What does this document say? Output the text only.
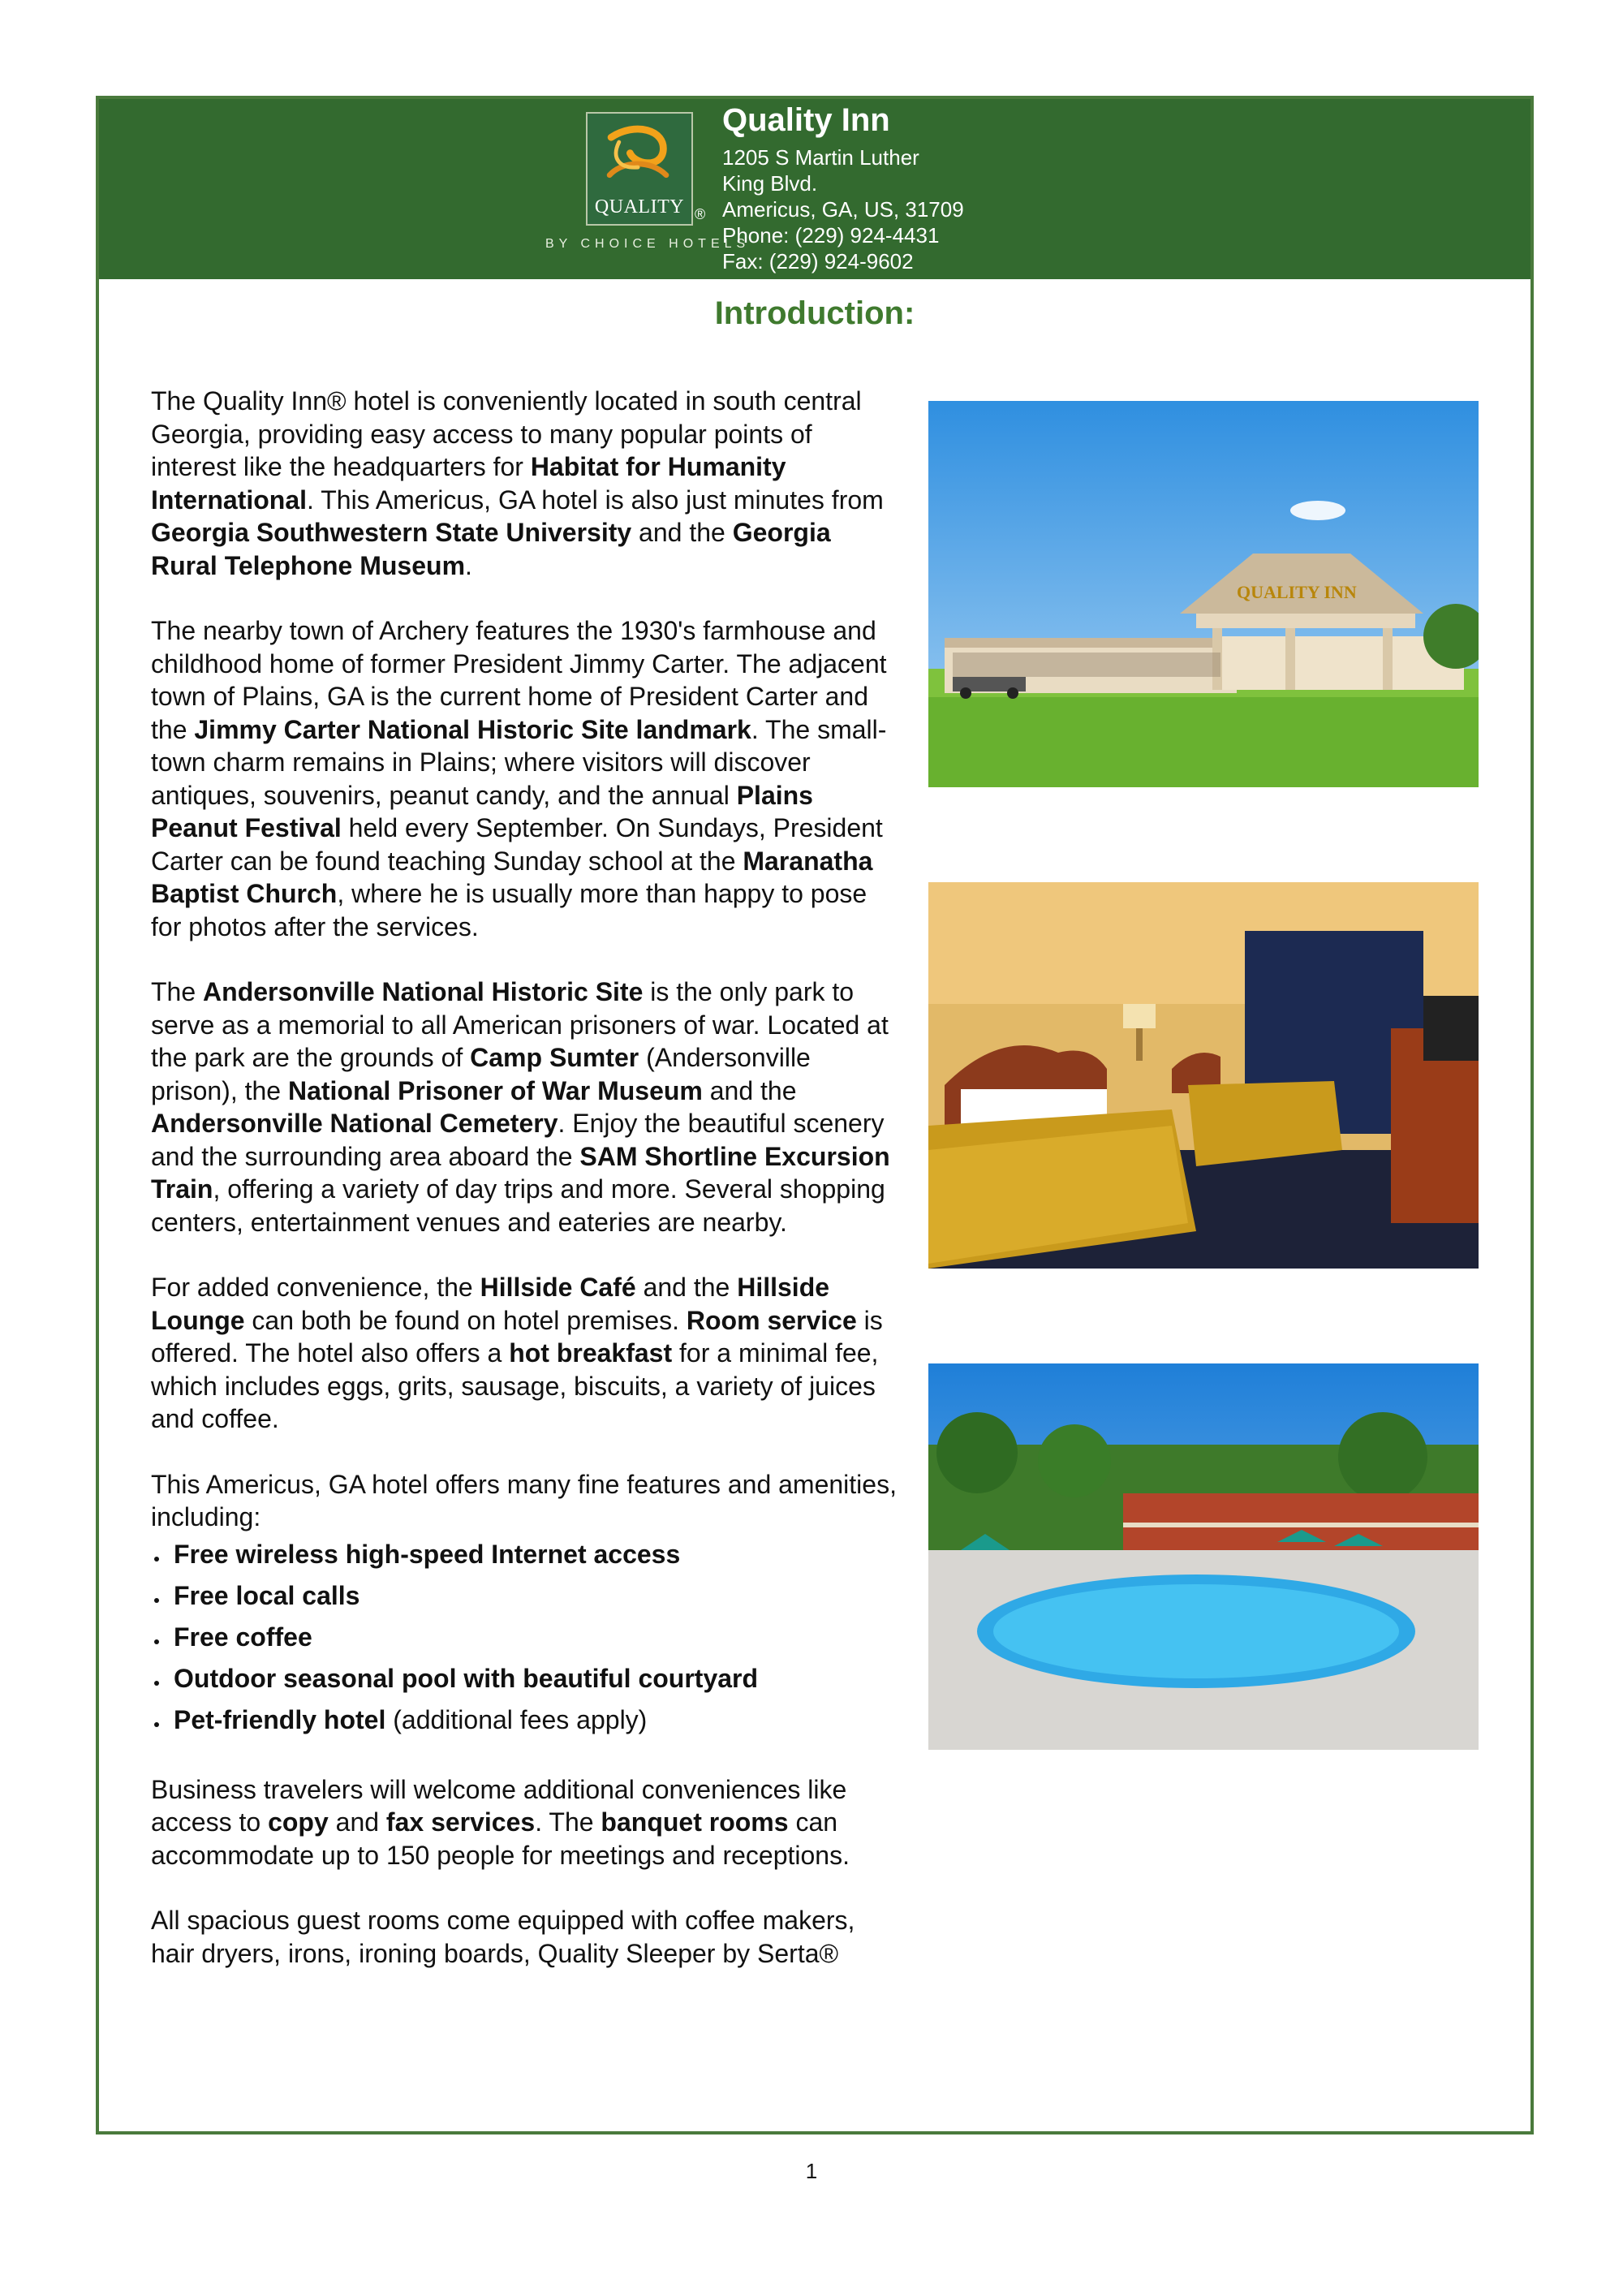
QUALITY ®
BY CHOICE HOTELS
Quality Inn
1205 S Martin Luther
King Blvd.
Americus, GA, US, 31709
Phone: (229) 924-4431
Fax: (229) 924-9602
Introduction:

The Quality Inn® hotel is conveniently located in south central Georgia, providing easy access to many popular points of interest like the headquarters for Habitat for Humanity International. This Americus, GA hotel is also just minutes from Georgia Southwestern State University and the Georgia Rural Telephone Museum.

The nearby town of Archery features the 1930's farmhouse and childhood home of former President Jimmy Carter. The adjacent town of Plains, GA is the current home of President Carter and the Jimmy Carter National Historic Site landmark. The small-town charm remains in Plains; where visitors will discover antiques, souvenirs, peanut candy, and the annual Plains Peanut Festival held every September. On Sundays, President Carter can be found teaching Sunday school at the Maranatha Baptist Church, where he is usually more than happy to pose for photos after the services.

The Andersonville National Historic Site is the only park to serve as a memorial to all American prisoners of war. Located at the park are the grounds of Camp Sumter (Andersonville prison), the National Prisoner of War Museum and the Andersonville National Cemetery. Enjoy the beautiful scenery and the surrounding area aboard the SAM Shortline Excursion Train, offering a variety of day trips and more. Several shopping centers, entertainment venues and eateries are nearby.

For added convenience, the Hillside Café and the Hillside Lounge can both be found on hotel premises. Room service is offered. The hotel also offers a hot breakfast for a minimal fee, which includes eggs, grits, sausage, biscuits, a variety of juices and coffee.

This Americus, GA hotel offers many fine features and amenities, including:

Free wireless high-speed Internet access
Free local calls
Free coffee
Outdoor seasonal pool with beautiful courtyard
Pet-friendly hotel (additional fees apply)

Business travelers will welcome additional conveniences like access to copy and fax services. The banquet rooms can accommodate up to 150 people for meetings and receptions.

All spacious guest rooms come equipped with coffee makers, hair dryers, irons, ironing boards, Quality Sleeper by Serta®

QUALITY INN
1
